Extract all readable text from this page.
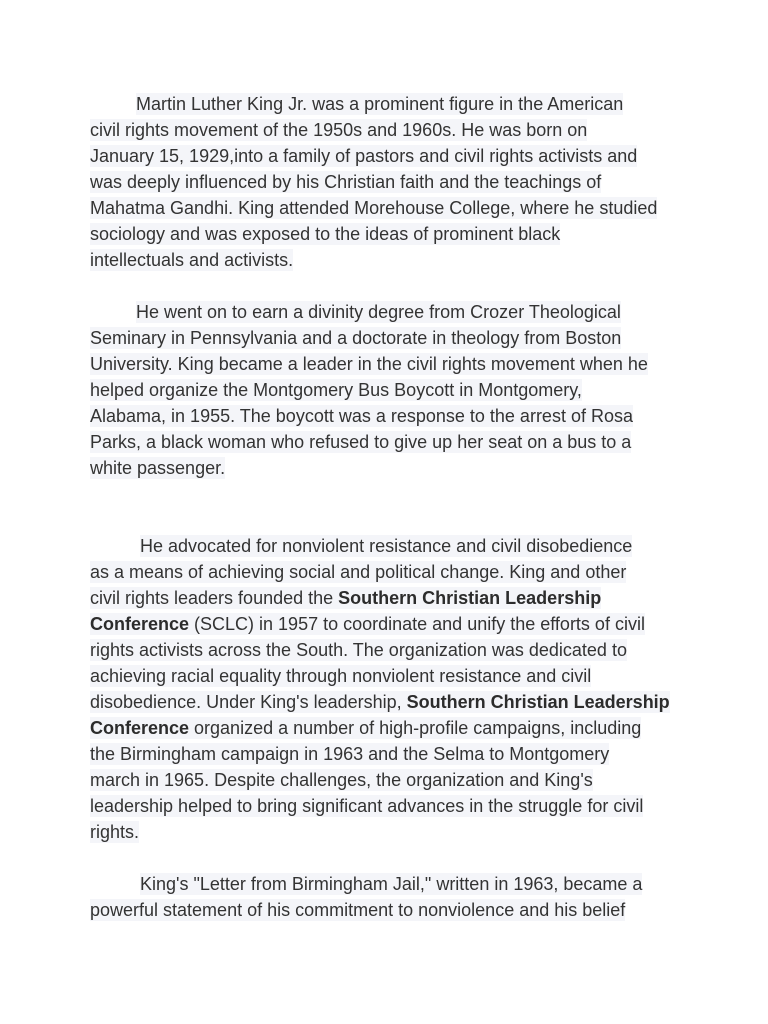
Martin Luther King Jr. was a prominent figure in the American
civil rights movement of the 1950s and 1960s. He was born on
January 15, 1929,into a family of pastors and civil rights activists and
was deeply influenced by his Christian faith and the teachings of
Mahatma Gandhi. King attended Morehouse College, where he studied
sociology and was exposed to the ideas of prominent black
intellectuals and activists.
He went on to earn a divinity degree from Crozer Theological
Seminary in Pennsylvania and a doctorate in theology from Boston
University. King became a leader in the civil rights movement when he
helped organize the Montgomery Bus Boycott in Montgomery,
Alabama, in 1955. The boycott was a response to the arrest of Rosa
Parks, a black woman who refused to give up her seat on a bus to a
white passenger.
He advocated for nonviolent resistance and civil disobedience
as a means of achieving social and political change. King and other
civil rights leaders founded the Southern Christian Leadership
Conference (SCLC) in 1957 to coordinate and unify the efforts of civil
rights activists across the South. The organization was dedicated to
achieving racial equality through nonviolent resistance and civil
disobedience. Under King's leadership, Southern Christian Leadership
Conference organized a number of high-profile campaigns, including
the Birmingham campaign in 1963 and the Selma to Montgomery
march in 1965. Despite challenges, the organization and King's
leadership helped to bring significant advances in the struggle for civil
rights.
King's "Letter from Birmingham Jail," written in 1963, became a
powerful statement of his commitment to nonviolence and his belief
